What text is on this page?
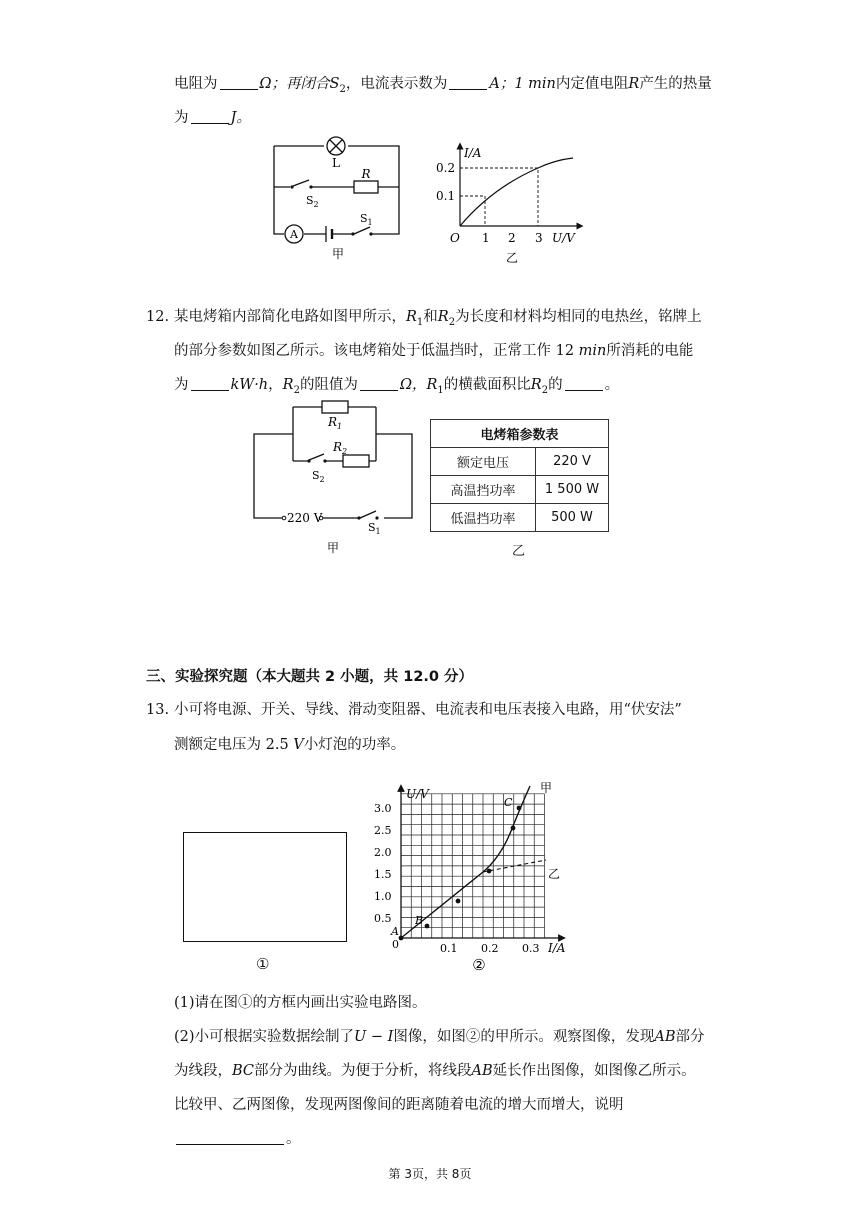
电阻为	Ω；再闭合$S_2$，电流表示数为	A；1 min内定值电阻R产生的热量
为	J。
L
R
$S_2$
$S_1$
A
甲
I/A
0.2
0.1
O 1 2 3 U/V
乙
12. 某电烤箱内部简化电路如图甲所示，$R_1$和$R_2$为长度和材料均相同的电热丝，铭牌上
的部分参数如图乙所示。该电烤箱处于低温挡时，正常工作 12 min所消耗的电能
为	kW·h，$R_2$的阻值为	Ω，$R_1$的横截面积比$R_2$的	。
$R_1$
$R_2$
$S_2$
$S_1$
220 V
甲
电烤箱参数表	
额定电压	220 V
高温挡功率	1 500 W
低温挡功率	500 W
乙
三、实验探究题（本大题共 2 小题，共 12.0 分）
13. 小可将电源、开关、导线、滑动变阻器、电流表和电压表接入电路，用“伏安法”
测额定电压为 2.5 V小灯泡的功率。
①
U/V
3.0
2.5
2.0
1.5
1.0
0.5
0	0.1 0.2 0.3 I/A
甲
乙
A
B
C
②
(1)请在图①的方框内画出实验电路图。
(2)小可根据实验数据绘制了U − I图像，如图②的甲所示。观察图像，发现AB部分
为线段，BC部分为曲线。为便于分析，将线段AB延长作出图像，如图像乙所示。
比较甲、乙两图像，发现两图像间的距离随着电流的增大而增大，说明
。
第 3页，共 8页
